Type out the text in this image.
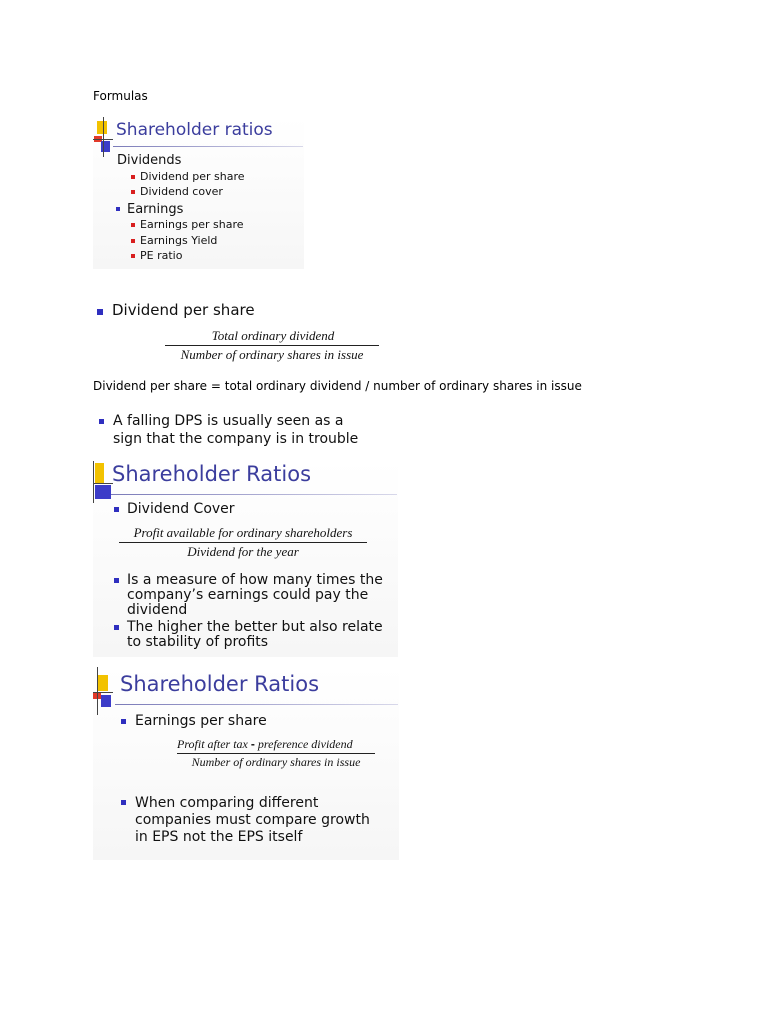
Formulas
Shareholder ratios
Dividends
Dividend per share
Dividend cover
Earnings
Earnings per share
Earnings Yield
PE ratio
Dividend per share
Total ordinary dividend
Number of ordinary shares in issue
Dividend per share = total ordinary dividend / number of ordinary shares in issue
A falling DPS is usually seen as a
sign that the company is in trouble
Shareholder Ratios
Dividend Cover
Profit available for ordinary shareholders
Dividend for the year
Is a measure of how many times the
company’s earnings could pay the
dividend
The higher the better but also relate
to stability of profits
Shareholder Ratios
Earnings per share
Profit after tax - preference dividend
Number of ordinary shares in issue
When comparing different
companies must compare growth
in EPS not the EPS itself
